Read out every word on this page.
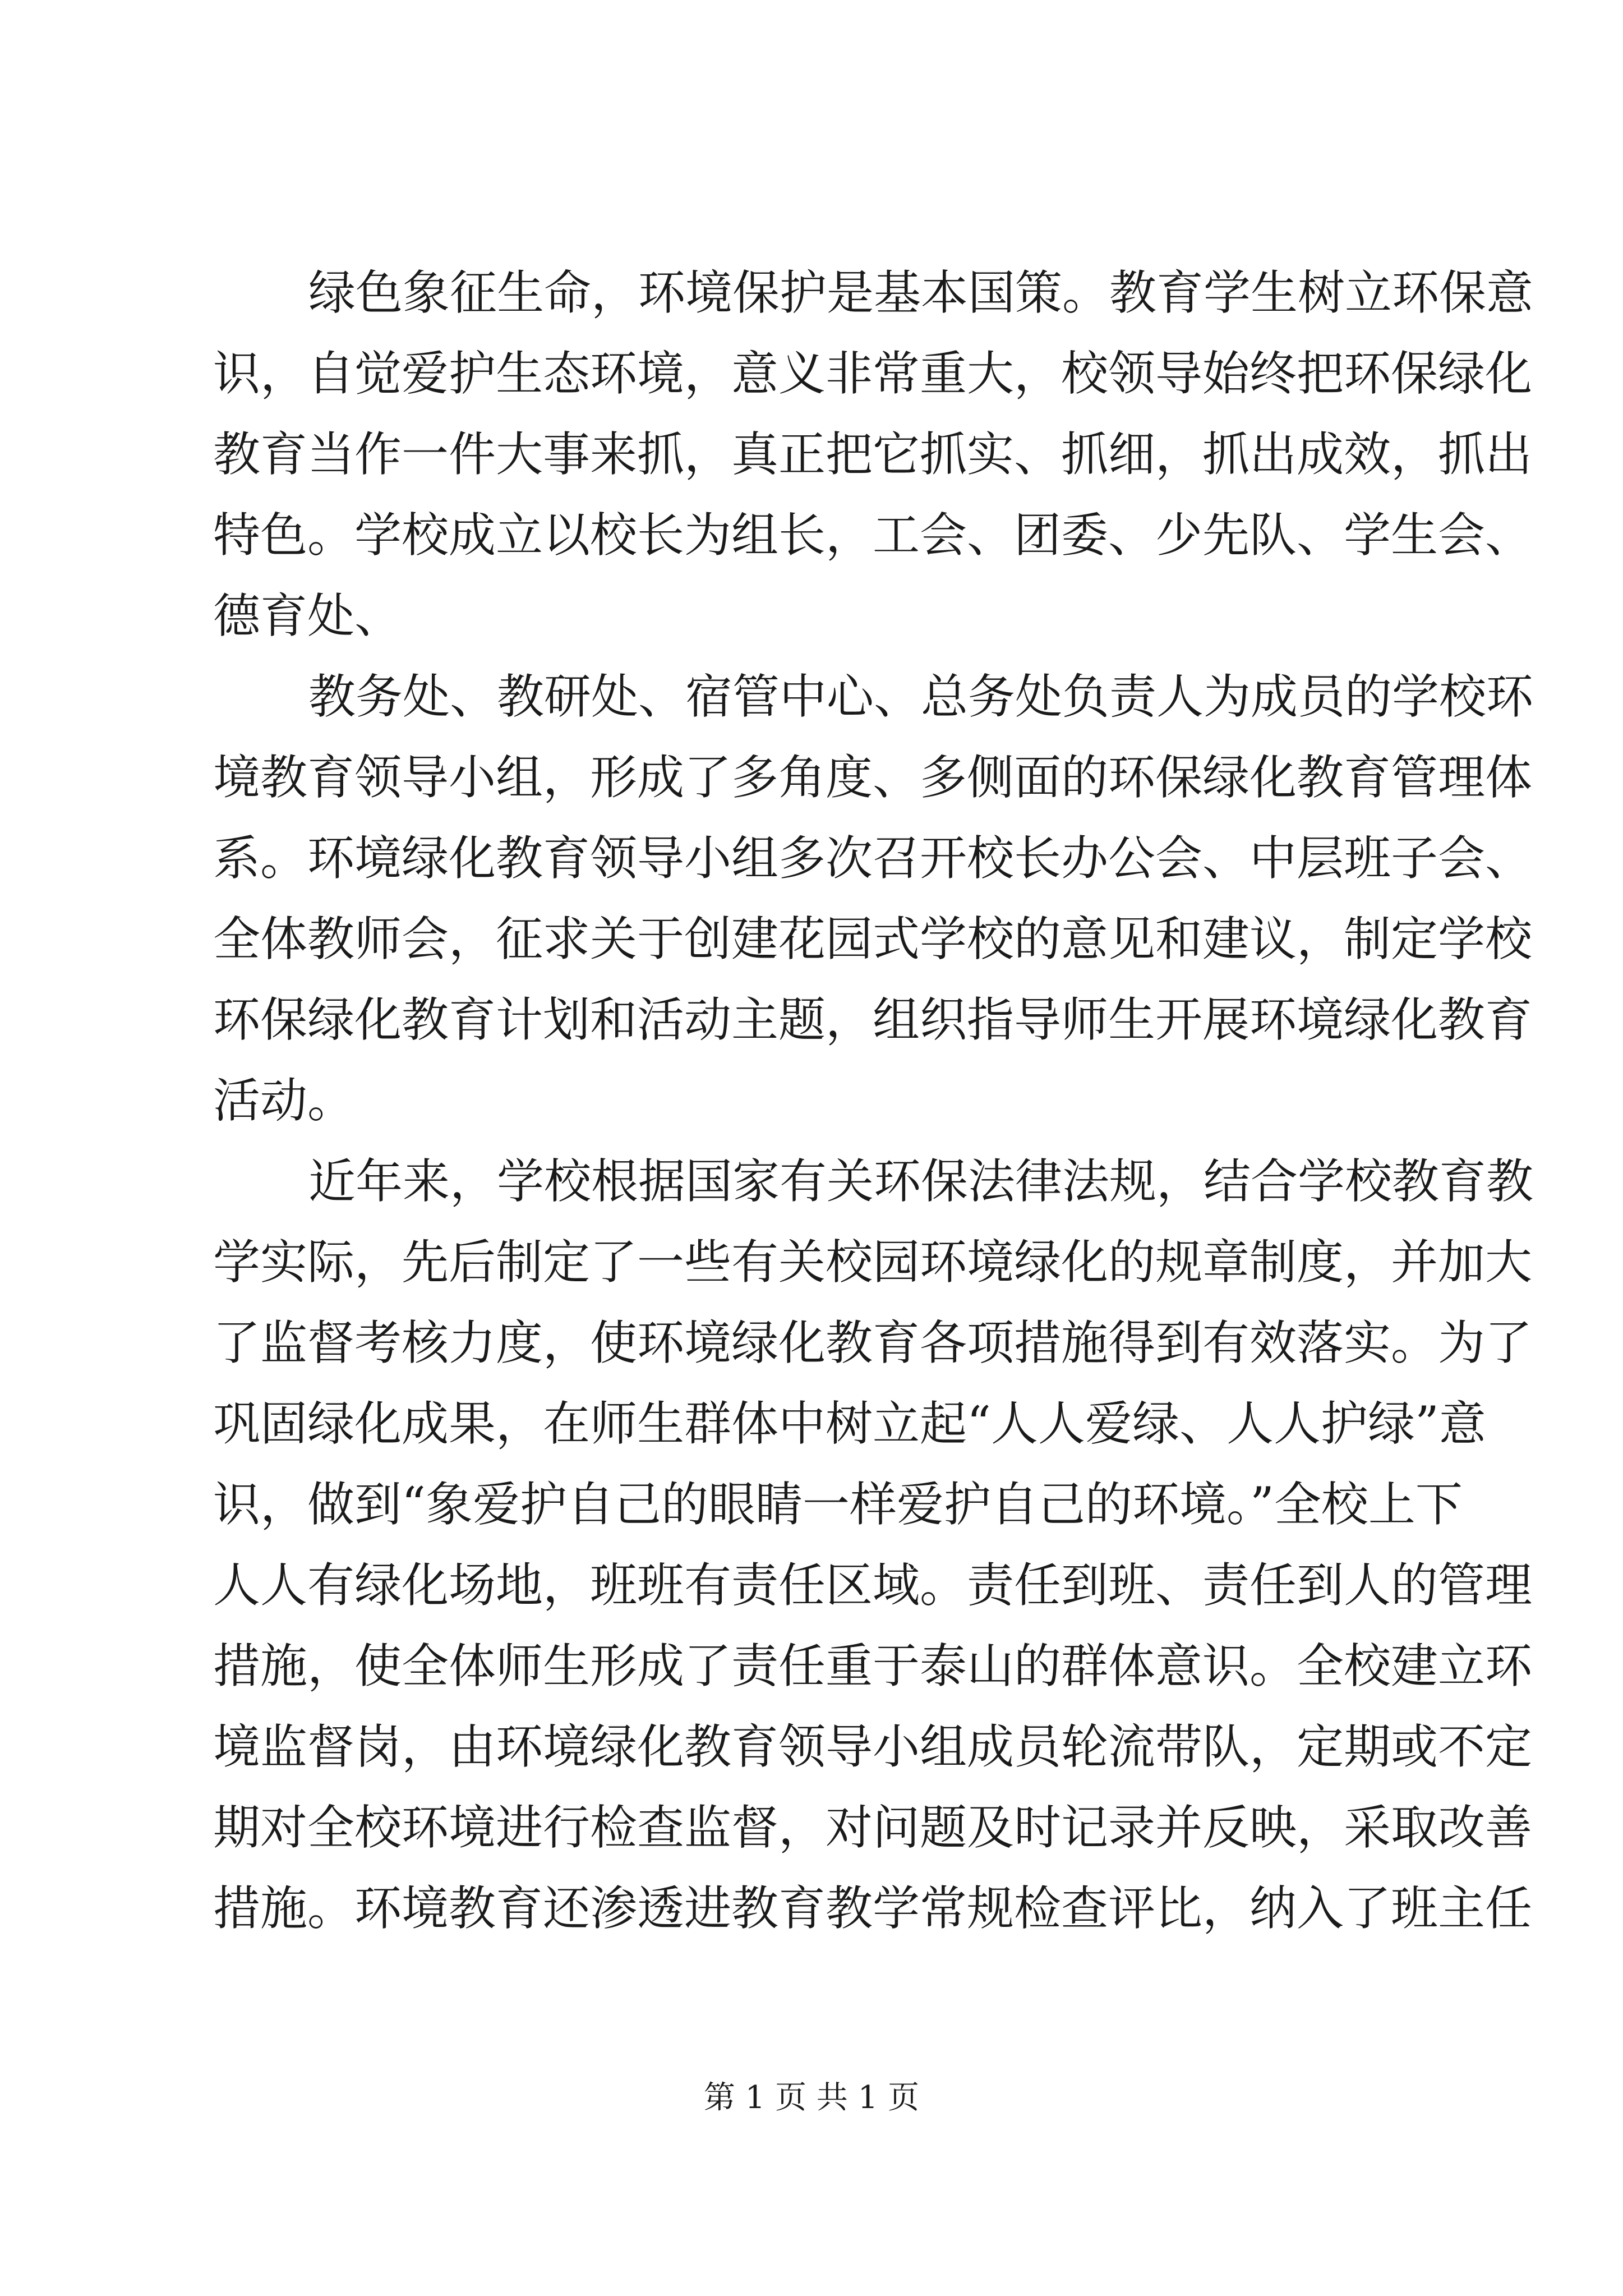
绿色象征生命，环境保护是基本国策。教育学生树立环保意
识，自觉爱护生态环境，意义非常重大，校领导始终把环保绿化
教育当作一件大事来抓，真正把它抓实、抓细，抓出成效，抓出
特色。学校成立以校长为组长，工会、团委、少先队、学生会、
德育处、
教务处、教研处、宿管中心、总务处负责人为成员的学校环
境教育领导小组，形成了多角度、多侧面的环保绿化教育管理体
系。环境绿化教育领导小组多次召开校长办公会、中层班子会、
全体教师会，征求关于创建花园式学校的意见和建议，制定学校
环保绿化教育计划和活动主题，组织指导师生开展环境绿化教育
活动。
近年来，学校根据国家有关环保法律法规，结合学校教育教
学实际，先后制定了一些有关校园环境绿化的规章制度，并加大
了监督考核力度，使环境绿化教育各项措施得到有效落实。为了
巩固绿化成果，在师生群体中树立起“人人爱绿、人人护绿”意
识，做到“象爱护自己的眼睛一样爱护自己的环境。”全校上下
人人有绿化场地，班班有责任区域。责任到班、责任到人的管理
措施，使全体师生形成了责任重于泰山的群体意识。全校建立环
境监督岗，由环境绿化教育领导小组成员轮流带队，定期或不定
期对全校环境进行检查监督，对问题及时记录并反映，采取改善
措施。环境教育还渗透进教育教学常规检查评比，纳入了班主任
第 1 页 共 1 页
